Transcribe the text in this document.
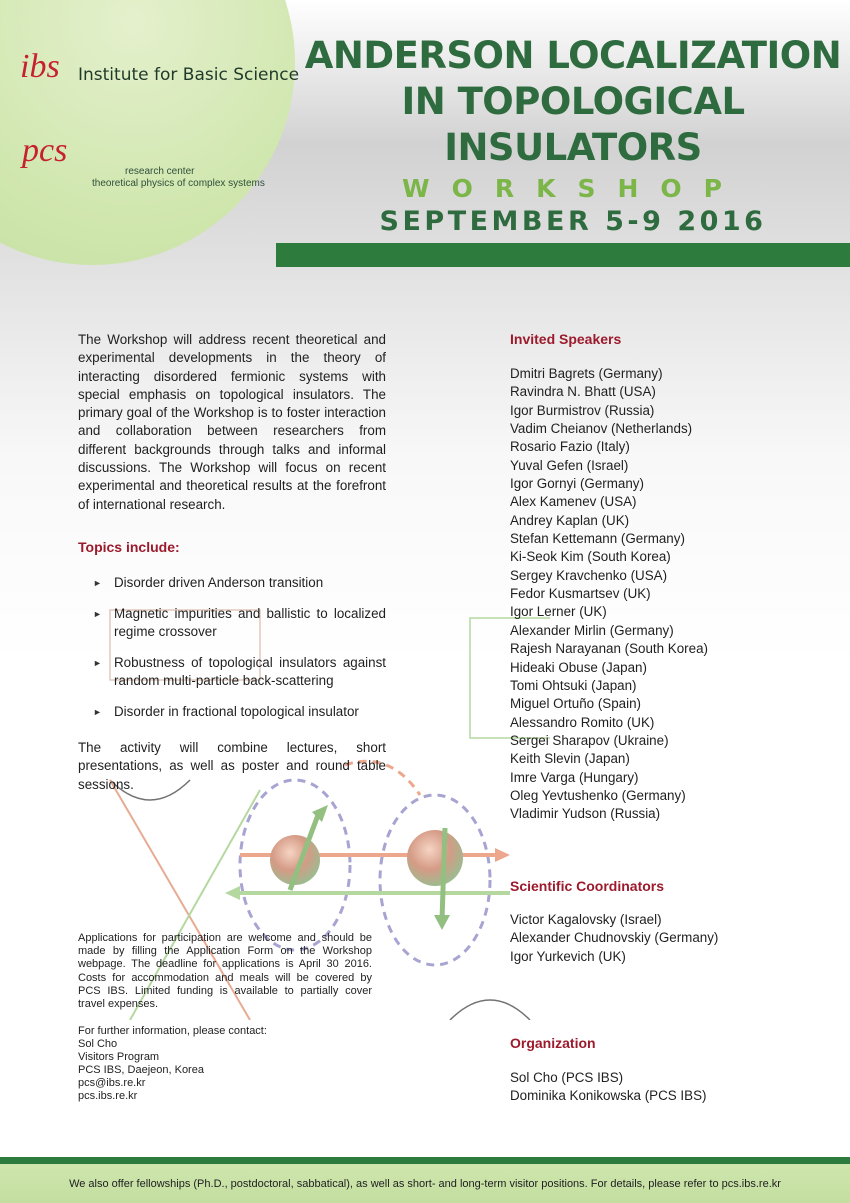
ibs Institute for Basic Science
pcs
research center
theoretical physics of complex systems
ANDERSON LOCALIZATION
IN TOPOLOGICAL
INSULATORS
WORKSHOP
SEPTEMBER 5-9 2016
The Workshop will address recent theoretical and experimental developments in the theory of interacting disordered fermionic systems with special emphasis on topological insulators. The primary goal of the Workshop is to foster interaction and collaboration between researchers from different backgrounds through talks and informal discussions. The Workshop will focus on recent experimental and theoretical results at the forefront of international research.
Topics include:
► Disorder driven Anderson transition
► Magnetic impurities and ballistic to localized regime crossover
► Robustness of topological insulators against random multi-particle back-scattering
► Disorder in fractional topological insulator
The activity will combine lectures, short presentations, as well as poster and round table sessions.
Applications for participation are welcome and should be made by filling the Application Form on the Workshop webpage. The deadline for applications is April 30 2016. Costs for accommodation and meals will be covered by PCS IBS. Limited funding is available to partially cover travel expenses.
For further information, please contact:
Sol Cho
Visitors Program
PCS IBS, Daejeon, Korea
pcs@ibs.re.kr
pcs.ibs.re.kr
Invited Speakers
Dmitri Bagrets (Germany)
Ravindra N. Bhatt (USA)
Igor Burmistrov (Russia)
Vadim Cheianov (Netherlands)
Rosario Fazio (Italy)
Yuval Gefen (Israel)
Igor Gornyi (Germany)
Alex Kamenev (USA)
Andrey Kaplan (UK)
Stefan Kettemann (Germany)
Ki-Seok Kim (South Korea)
Sergey Kravchenko (USA)
Fedor Kusmartsev (UK)
Igor Lerner (UK)
Alexander Mirlin (Germany)
Rajesh Narayanan (South Korea)
Hideaki Obuse (Japan)
Tomi Ohtsuki (Japan)
Miguel Ortuño (Spain)
Alessandro Romito (UK)
Sergei Sharapov (Ukraine)
Keith Slevin (Japan)
Imre Varga (Hungary)
Oleg Yevtushenko (Germany)
Vladimir Yudson (Russia)
Scientific Coordinators
Victor Kagalovsky (Israel)
Alexander Chudnovskiy (Germany)
Igor Yurkevich (UK)
Organization
Sol Cho (PCS IBS)
Dominika Konikowska (PCS IBS)
We also offer fellowships (Ph.D., postdoctoral, sabbatical), as well as short- and long-term visitor positions. For details, please refer to pcs.ibs.re.kr
